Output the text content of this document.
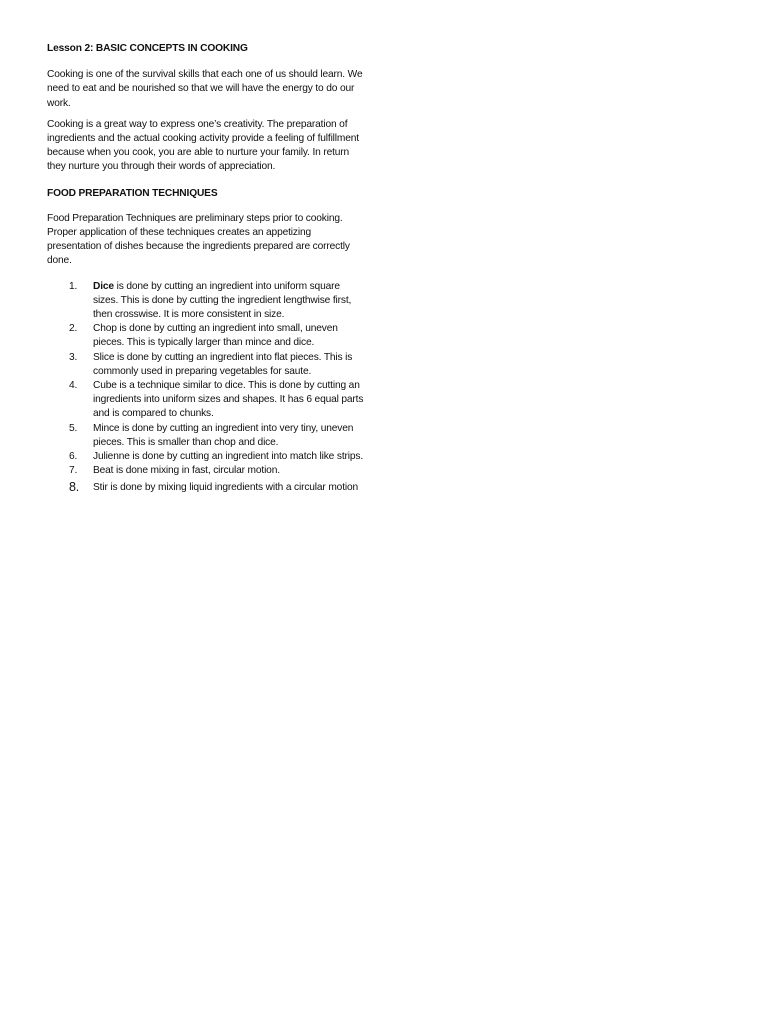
Lesson 2: BASIC CONCEPTS IN COOKING

Cooking is one of the survival skills that each one of us should learn. We need to eat and be nourished so that we will have the energy to do our work.

Cooking is a great way to express one’s creativity. The preparation of ingredients and the actual cooking activity provide a feeling of fulfillment because when you cook, you are able to nurture your family. In return they nurture you through their words of appreciation.

FOOD PREPARATION TECHNIQUES

Food Preparation Techniques are preliminary steps prior to cooking. Proper application of these techniques creates an appetizing presentation of dishes because the ingredients prepared are correctly done.

1. Dice is done by cutting an ingredient into uniform square sizes. This is done by cutting the ingredient lengthwise first, then crosswise. It is more consistent in size.
2. Chop is done by cutting an ingredient into small, uneven pieces. This is typically larger than mince and dice.
3. Slice is done by cutting an ingredient into flat pieces. This is commonly used in preparing vegetables for saute.
4. Cube is a technique similar to dice. This is done by cutting an ingredients into uniform sizes and shapes. It has 6 equal parts and is compared to chunks.
5. Mince is done by cutting an ingredient into very tiny, uneven pieces. This is smaller than chop and dice.
6. Julienne is done by cutting an ingredient into match like strips.
7. Beat is done mixing in fast, circular motion.
8. Stir is done by mixing liquid ingredients with a circular motion
